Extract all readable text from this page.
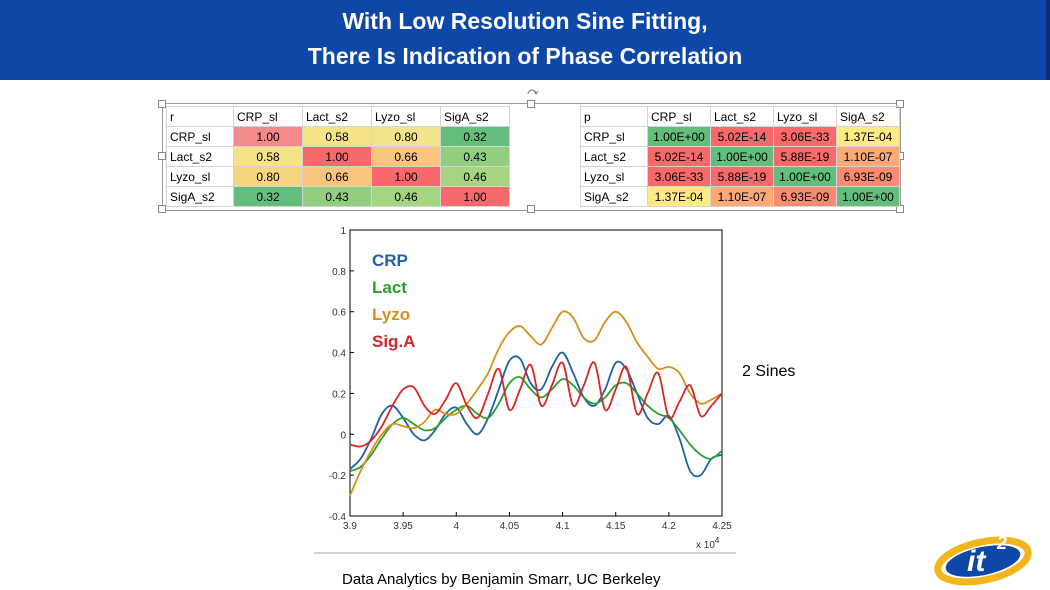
With Low Resolution Sine Fitting,
There Is Indication of Phase Correlation
r	CRP_sl	Lact_s2	Lyzo_sl	SigA_s2
CRP_sl	1.00	0.58	0.80	0.32
Lact_s2	0.58	1.00	0.66	0.43
Lyzo_sl	0.80	0.66	1.00	0.46
SigA_s2	0.32	0.43	0.46	1.00
p	CRP_sl	Lact_s2	Lyzo_sl	SigA_s2
CRP_sl	1.00E+00	5.02E-14	3.06E-33	1.37E-04
Lact_s2	5.02E-14	1.00E+00	5.88E-19	1.10E-07
Lyzo_sl	3.06E-33	5.88E-19	1.00E+00	6.93E-09
SigA_s2	1.37E-04	1.10E-07	6.93E-09	1.00E+00
-0.4
-0.2
0
0.2
0.4
0.6
0.8
1
3.9	3.95	4	4.05	4.1	4.15	4.2	4.25
x $10^4$
CRP
Lact
Lyzo
Sig.A
2 Sines
Data Analytics by Benjamin Smarr, UC Berkeley
it
2
